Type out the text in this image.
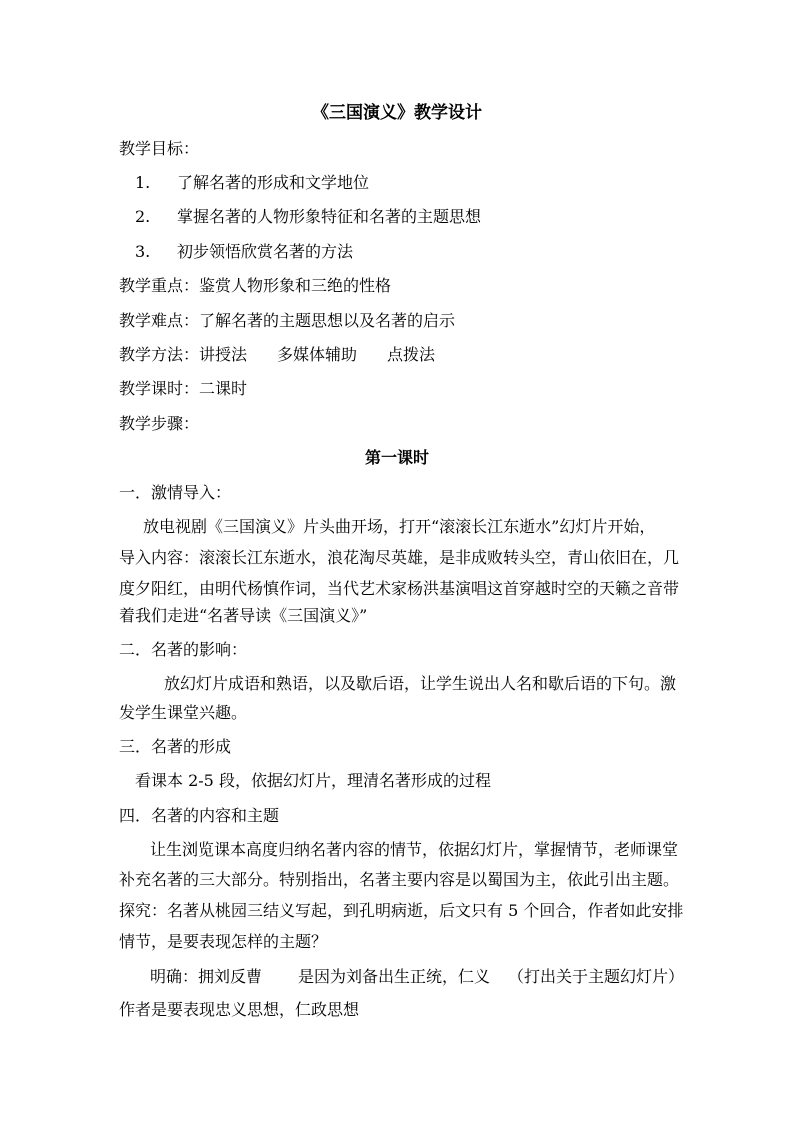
《三国演义》教学设计
教学目标：
1. 了解名著的形成和文学地位
2. 掌握名著的人物形象特征和名著的主题思想
3. 初步领悟欣赏名著的方法
教学重点：鉴赏人物形象和三绝的性格
教学难点：了解名著的主题思想以及名著的启示
教学方法：讲授法 多媒体辅助 点拨法
教学课时：二课时
教学步骤：
第一课时
一．激情导入：
放电视剧《三国演义》片头曲开场，打开“滚滚长江东逝水”幻灯片开始，
导入内容：滚滚长江东逝水，浪花淘尽英雄，是非成败转头空，青山依旧在，几
度夕阳红，由明代杨慎作词，当代艺术家杨洪基演唱这首穿越时空的天籁之音带
着我们走进“名著导读《三国演义》”
二．名著的影响：
放幻灯片成语和熟语，以及歇后语，让学生说出人名和歇后语的下句。激
发学生课堂兴趣。
三．名著的形成
看课本 2-5 段，依据幻灯片，理清名著形成的过程
四．名著的内容和主题
让生浏览课本高度归纳名著内容的情节，依据幻灯片，掌握情节，老师课堂
补充名著的三大部分。特别指出，名著主要内容是以蜀国为主，依此引出主题。
探究：名著从桃园三结义写起，到孔明病逝，后文只有 5 个回合，作者如此安排
情节，是要表现怎样的主题？
明确：拥刘反曹 是因为刘备出生正统，仁义 （打出关于主题幻灯片）
作者是要表现忠义思想，仁政思想
